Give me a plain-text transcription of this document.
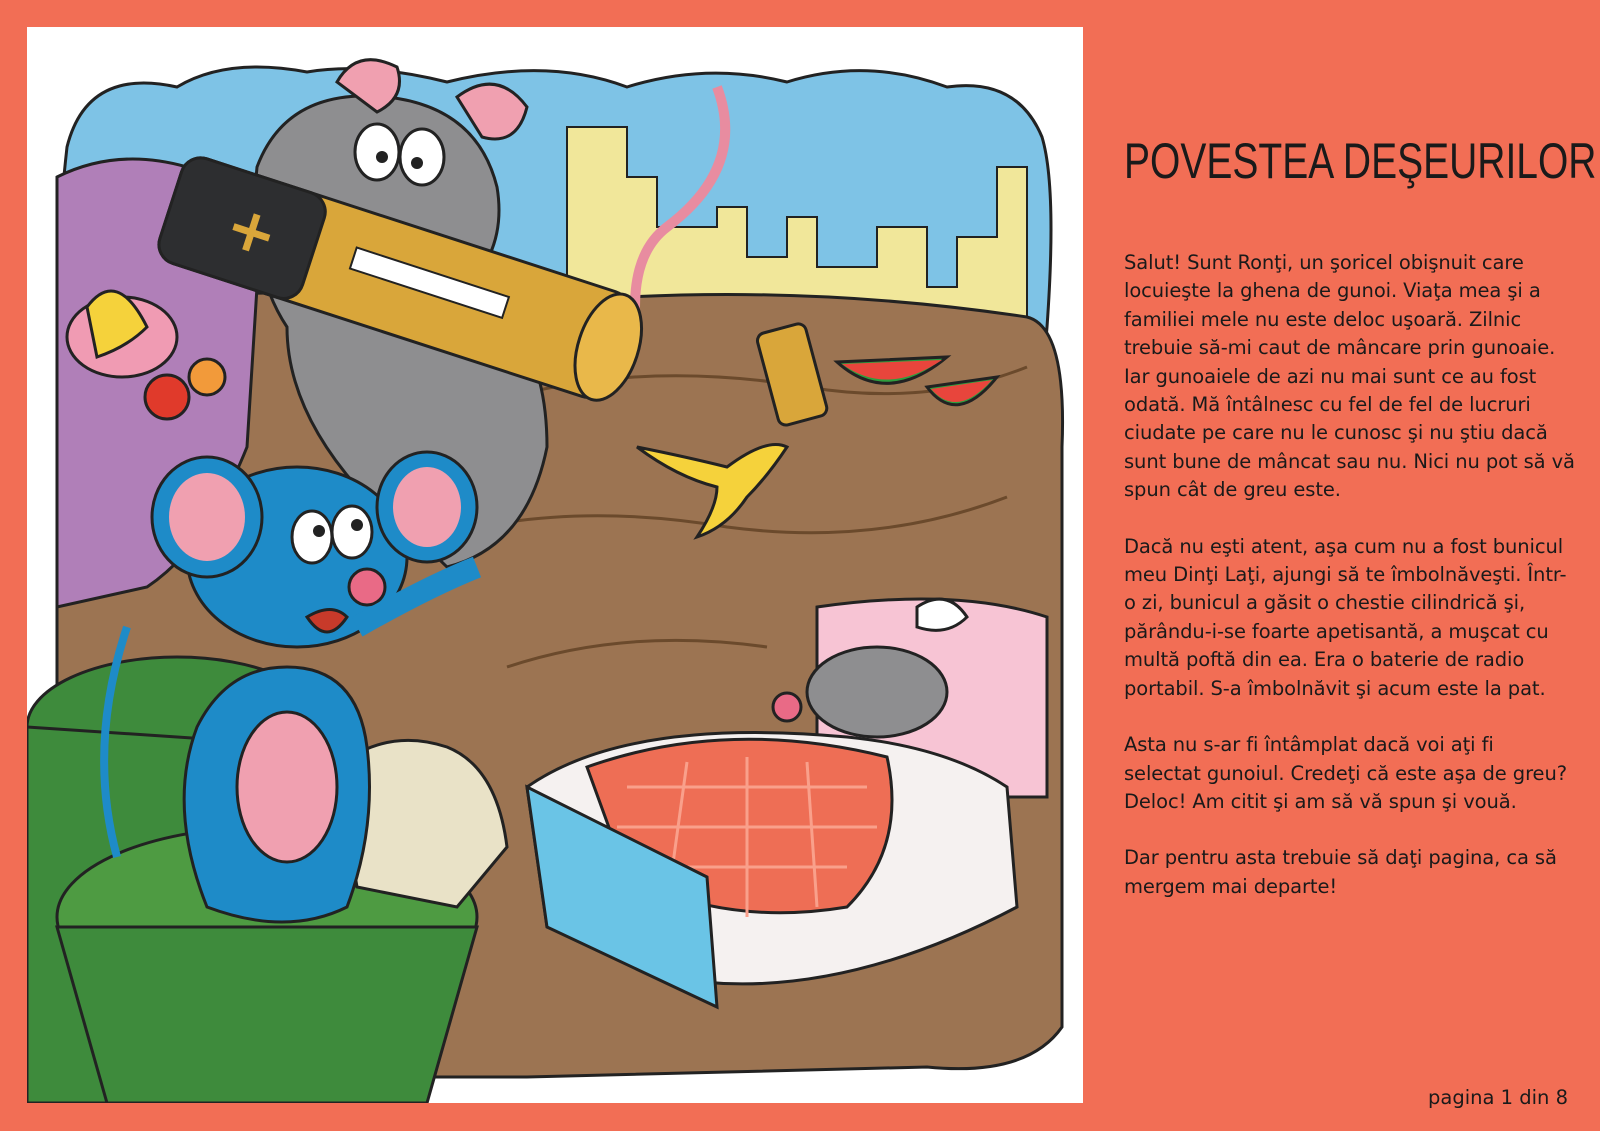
+
POVESTEA DEŞEURILOR

Salut! Sunt Ronţi, un şoricel obişnuit care locuieşte la ghena de gunoi. Viaţa mea şi a familiei mele nu este deloc uşoară. Zilnic trebuie să-mi caut de mâncare prin gunoaie. Iar gunoaiele de azi nu mai sunt ce au fost odată. Mă întâlnesc cu fel de fel de lucruri ciudate pe care nu le cunosc şi nu ştiu dacă sunt bune de mâncat sau nu. Nici nu pot să vă spun cât de greu este.

Dacă nu eşti atent, aşa cum nu a fost bunicul meu Dinţi Laţi, ajungi să te îmbolnăveşti. Într-o zi, bunicul a găsit o chestie cilindrică şi, părându-i-se foarte apetisantă, a muşcat cu multă poftă din ea. Era o baterie de radio portabil. S-a îmbolnăvit şi acum este la pat.

Asta nu s-ar fi întâmplat dacă voi aţi fi selectat gunoiul. Credeţi că este aşa de greu? Deloc! Am citit şi am să vă spun şi vouă.

Dar pentru asta trebuie să daţi pagina, ca să mergem mai departe!

pagina 1 din 8
